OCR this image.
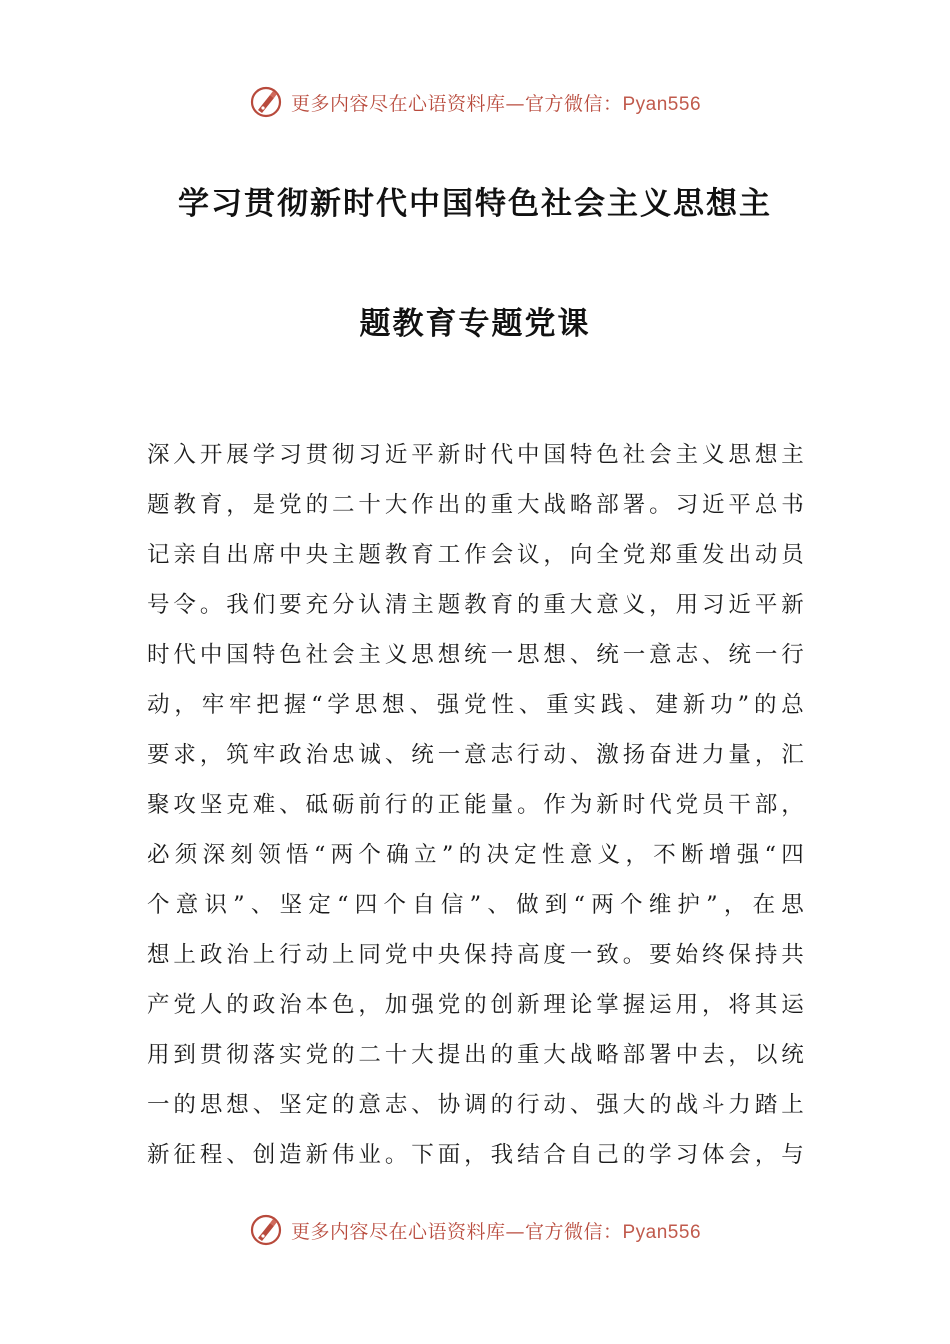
更多内容尽在心语资料库—官方微信：Pyan556
学习贯彻新时代中国特色社会主义思想主
题教育专题党课
深入开展学习贯彻习近平新时代中国特色社会主义思想主
题教育，是党的二十大作出的重大战略部署。习近平总书
记亲自出席中央主题教育工作会议，向全党郑重发出动员
号令。我们要充分认清主题教育的重大意义，用习近平新
时代中国特色社会主义思想统一思想、统一意志、统一行
动，牢牢把握“学思想、强党性、重实践、建新功”的总
要求，筑牢政治忠诚、统一意志行动、激扬奋进力量，汇
聚攻坚克难、砥砺前行的正能量。作为新时代党员干部，
必须深刻领悟“两个确立”的决定性意义，不断增强“四
个意识”、坚定“四个自信”、做到“两个维护”，在思
想上政治上行动上同党中央保持高度一致。要始终保持共
产党人的政治本色，加强党的创新理论掌握运用，将其运
用到贯彻落实党的二十大提出的重大战略部署中去，以统
一的思想、坚定的意志、协调的行动、强大的战斗力踏上
新征程、创造新伟业。下面，我结合自己的学习体会，与
更多内容尽在心语资料库—官方微信：Pyan556
